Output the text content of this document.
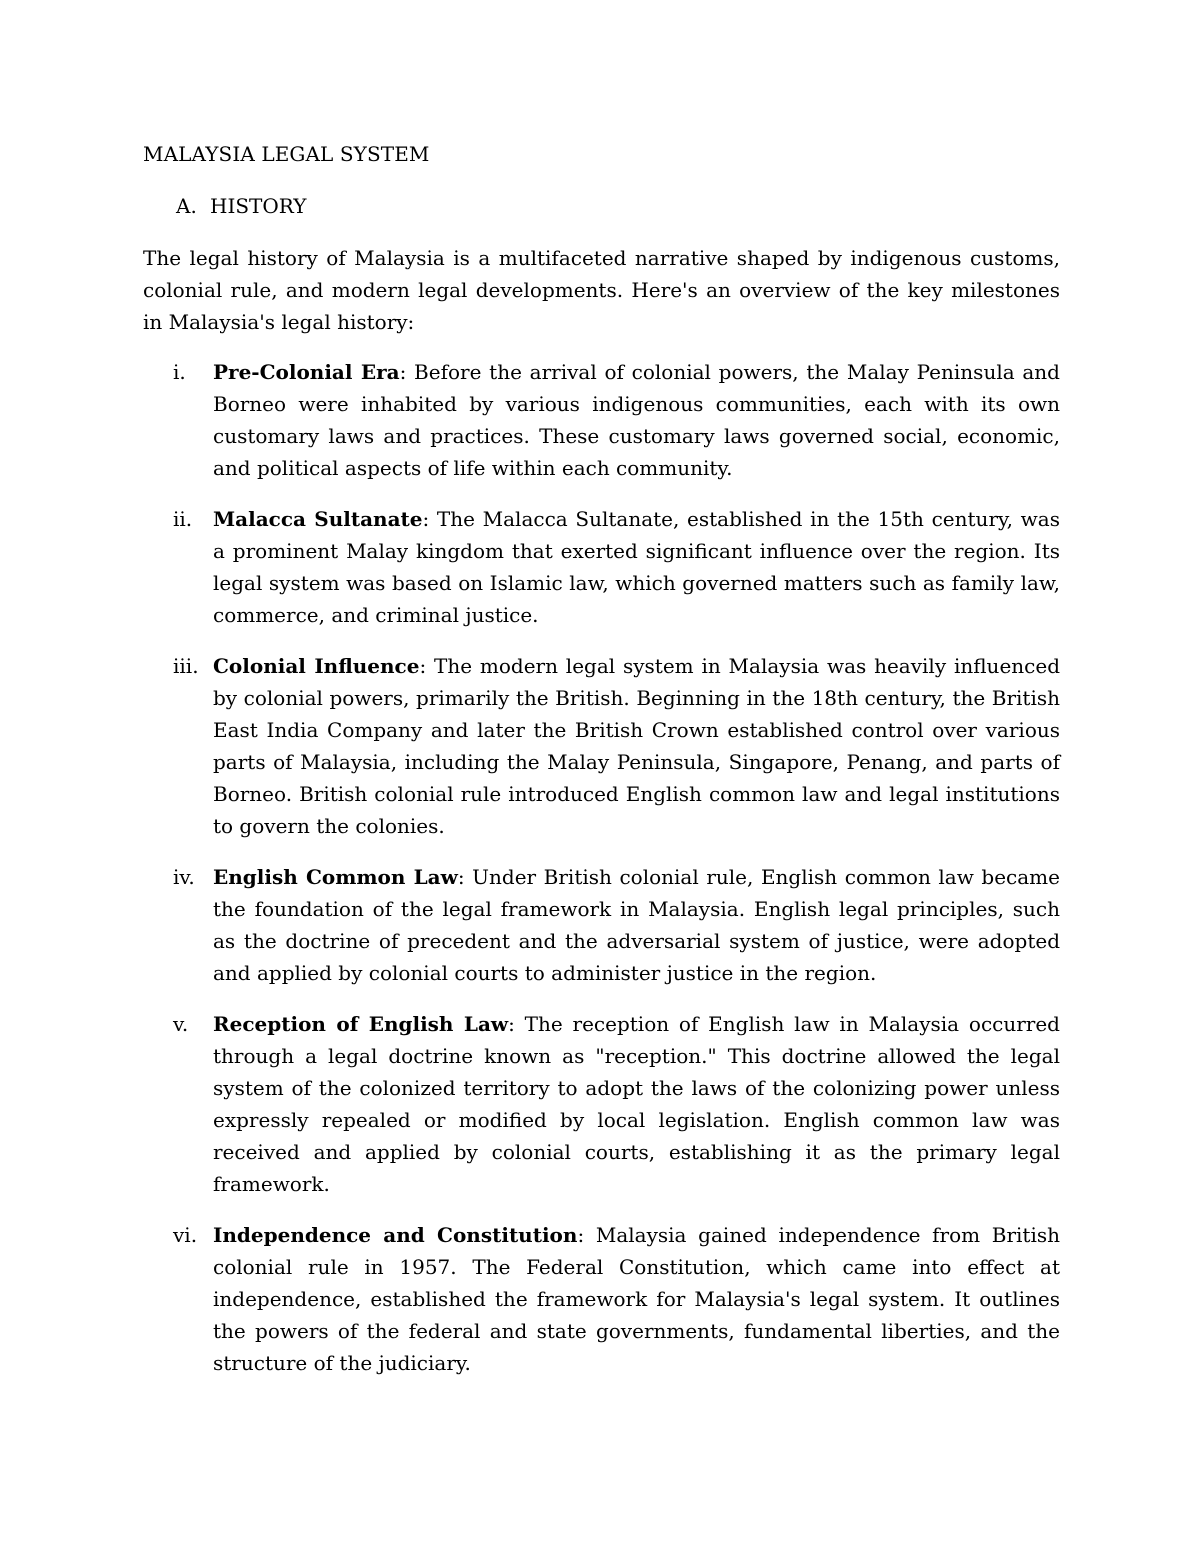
MALAYSIA LEGAL SYSTEM
A. HISTORY

The legal history of Malaysia is a multifaceted narrative shaped by indigenous customs, colonial rule, and modern legal developments. Here's an overview of the key milestones in Malaysia's legal history:

i.	Pre-Colonial Era: Before the arrival of colonial powers, the Malay Peninsula and Borneo were inhabited by various indigenous communities, each with its own customary laws and practices. These customary laws governed social, economic, and political aspects of life within each community.
ii.	Malacca Sultanate: The Malacca Sultanate, established in the 15th century, was a prominent Malay kingdom that exerted significant influence over the region. Its legal system was based on Islamic law, which governed matters such as family law, commerce, and criminal justice.
iii. Colonial Influence: The modern legal system in Malaysia was heavily influenced by colonial powers, primarily the British. Beginning in the 18th century, the British East India Company and later the British Crown established control over various parts of Malaysia, including the Malay Peninsula, Singapore, Penang, and parts of Borneo. British colonial rule introduced English common law and legal institutions to govern the colonies.
iv. English Common Law: Under British colonial rule, English common law became the foundation of the legal framework in Malaysia. English legal principles, such as the doctrine of precedent and the adversarial system of justice, were adopted and applied by colonial courts to administer justice in the region.
v.	Reception of English Law: The reception of English law in Malaysia occurred through a legal doctrine known as "reception." This doctrine allowed the legal system of the colonized territory to adopt the laws of the colonizing power unless expressly repealed or modified by local legislation. English common law was received and applied by colonial courts, establishing it as the primary legal framework.
vi. Independence and Constitution: Malaysia gained independence from British colonial rule in 1957. The Federal Constitution, which came into effect at independence, established the framework for Malaysia's legal system. It outlines the powers of the federal and state governments, fundamental liberties, and the structure of the judiciary.
